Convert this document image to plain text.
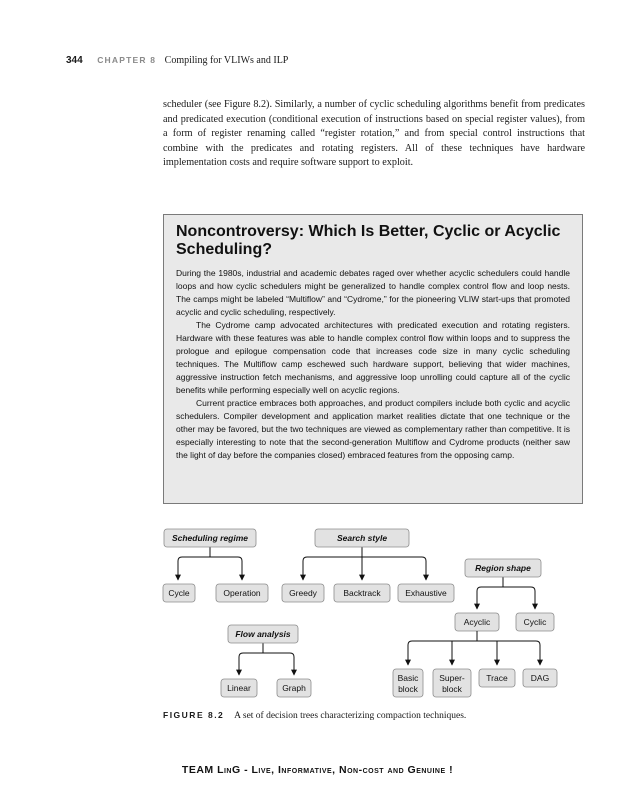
344 CHAPTER 8 Compiling for VLIWs and ILP

scheduler (see Figure 8.2). Similarly, a number of cyclic scheduling algorithms benefit from predicates and predicated execution (conditional execution of instructions based on special register values), from a form of register renaming called “register rotation,” and from special control instructions that combine with the predicates and rotating registers. All of these techniques have hardware implementation costs and require software support to exploit.

Noncontroversy: Which Is Better, Cyclic or Acyclic Scheduling?

During the 1980s, industrial and academic debates raged over whether acyclic schedulers could handle loops and how cyclic schedulers might be generalized to handle complex control flow and loop nests. The camps might be labeled “Multiflow” and “Cydrome,” for the pioneering VLIW start-ups that promoted acyclic and cyclic scheduling, respectively.

The Cydrome camp advocated architectures with predicated execution and rotating registers. Hardware with these features was able to handle complex control flow within loops and to suppress the prologue and epilogue compensation code that increases code size in many cyclic scheduling techniques. The Multiflow camp eschewed such hardware support, believing that wider machines, aggressive instruction fetch mechanisms, and aggressive loop unrolling could capture all of the cyclic benefits while performing especially well on acyclic regions.

Current practice embraces both approaches, and product compilers include both cyclic and acyclic schedulers. Compiler development and application market realities dictate that one technique or the other may be favored, but the two techniques are viewed as complementary rather than competitive. It is especially interesting to note that the second-generation Multiflow and Cydrome products (neither saw the light of day before the companies closed) embraced features from the opposing camp.

Scheduling regime
Cycle	Operation
Search style
Greedy	Backtrack	Exhaustive
Region shape
Acyclic	Cyclic
Basic
block
Super-
block
Trace	DAG
Flow analysis
Linear	Graph
FIGURE 8.2 A set of decision trees characterizing compaction techniques.
TEAM LinG - Live, Informative, Non-cost and Genuine !
